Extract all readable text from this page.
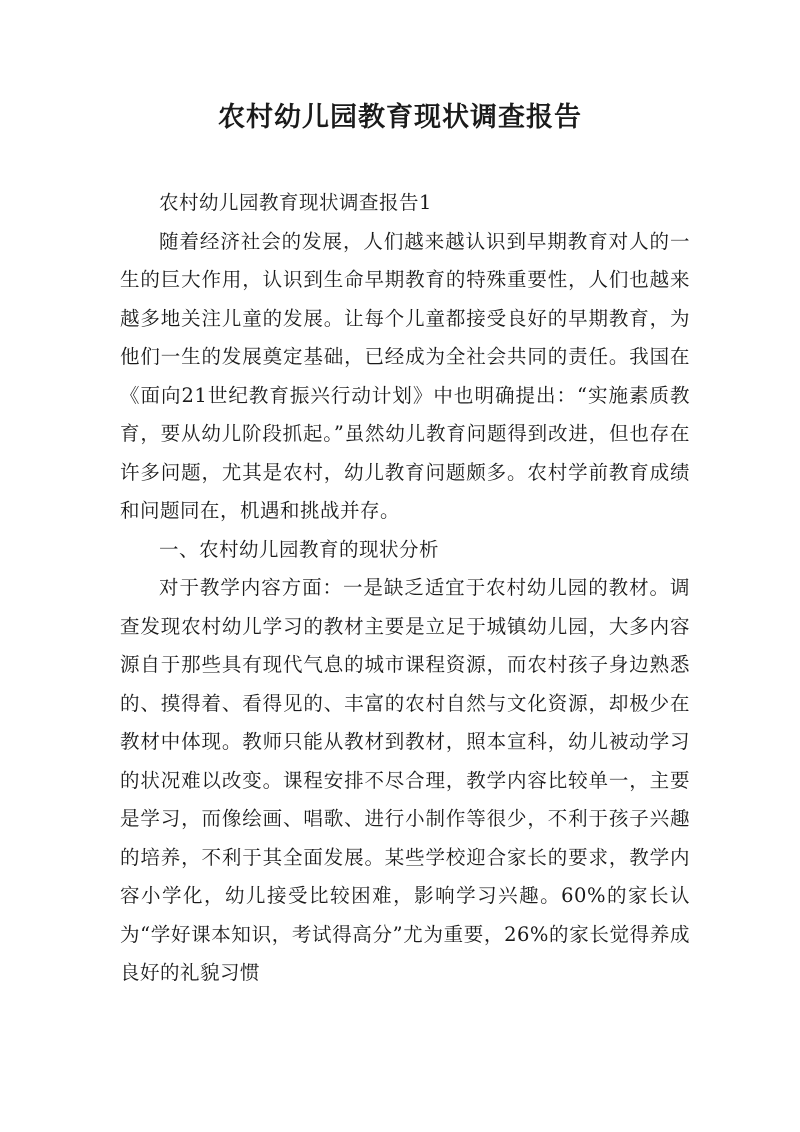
农村幼儿园教育现状调查报告

农村幼儿园教育现状调查报告1

随着经济社会的发展，人们越来越认识到早期教育对人的一生的巨大作用，认识到生命早期教育的特殊重要性，人们也越来越多地关注儿童的发展。让每个儿童都接受良好的早期教育，为他们一生的发展奠定基础，已经成为全社会共同的责任。我国在《面向21世纪教育振兴行动计划》中也明确提出：“实施素质教育，要从幼儿阶段抓起。”虽然幼儿教育问题得到改进，但也存在许多问题，尤其是农村，幼儿教育问题颇多。农村学前教育成绩和问题同在，机遇和挑战并存。

一、农村幼儿园教育的现状分析

对于教学内容方面：一是缺乏适宜于农村幼儿园的教材。调查发现农村幼儿学习的教材主要是立足于城镇幼儿园，大多内容源自于那些具有现代气息的城市课程资源，而农村孩子身边熟悉的、摸得着、看得见的、丰富的农村自然与文化资源，却极少在教材中体现。教师只能从教材到教材，照本宣科，幼儿被动学习的状况难以改变。课程安排不尽合理，教学内容比较单一，主要是学习，而像绘画、唱歌、进行小制作等很少，不利于孩子兴趣的培养，不利于其全面发展。某些学校迎合家长的要求，教学内容小学化，幼儿接受比较困难，影响学习兴趣。60%的家长认为“学好课本知识，考试得高分”尤为重要，26%的家长觉得养成良好的礼貌习惯
